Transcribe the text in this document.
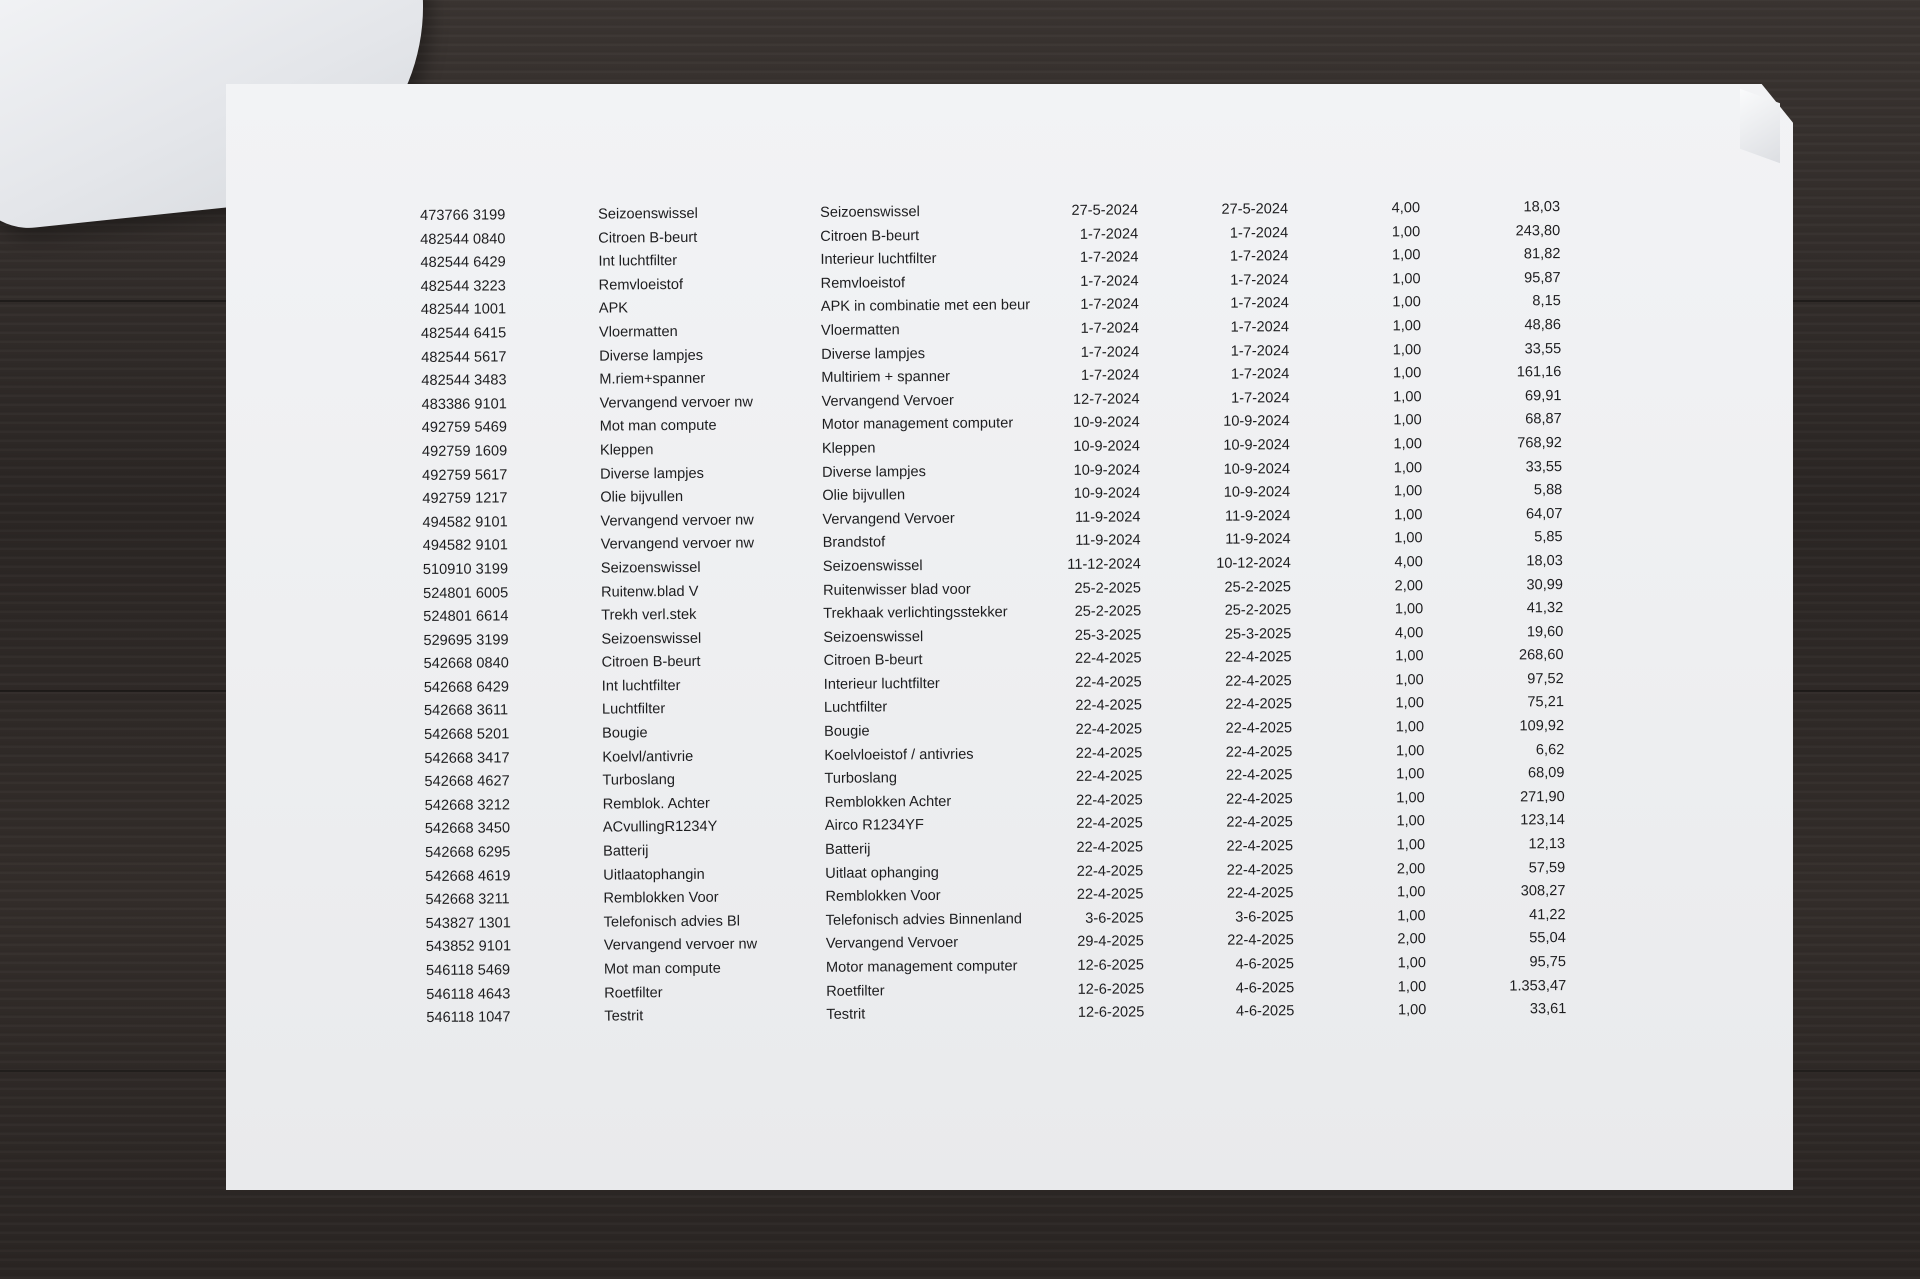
473766 3199	Seizoenswissel	Seizoenswissel	27-5-2024	27-5-2024	4,00	18,03
482544 0840	Citroen B-beurt	Citroen B-beurt	1-7-2024	1-7-2024	1,00	243,80
482544 6429	Int luchtfilter	Interieur luchtfilter	1-7-2024	1-7-2024	1,00	81,82
482544 3223	Remvloeistof	Remvloeistof	1-7-2024	1-7-2024	1,00	95,87
482544 1001	APK	APK in combinatie met een beur	1-7-2024	1-7-2024	1,00	8,15
482544 6415	Vloermatten	Vloermatten	1-7-2024	1-7-2024	1,00	48,86
482544 5617	Diverse lampjes	Diverse lampjes	1-7-2024	1-7-2024	1,00	33,55
482544 3483	M.riem+spanner	Multiriem + spanner	1-7-2024	1-7-2024	1,00	161,16
483386 9101	Vervangend vervoer nw	Vervangend Vervoer	12-7-2024	1-7-2024	1,00	69,91
492759 5469	Mot man compute	Motor management computer	10-9-2024	10-9-2024	1,00	68,87
492759 1609	Kleppen	Kleppen	10-9-2024	10-9-2024	1,00	768,92
492759 5617	Diverse lampjes	Diverse lampjes	10-9-2024	10-9-2024	1,00	33,55
492759 1217	Olie bijvullen	Olie bijvullen	10-9-2024	10-9-2024	1,00	5,88
494582 9101	Vervangend vervoer nw	Vervangend Vervoer	11-9-2024	11-9-2024	1,00	64,07
494582 9101	Vervangend vervoer nw	Brandstof	11-9-2024	11-9-2024	1,00	5,85
510910 3199	Seizoenswissel	Seizoenswissel	11-12-2024	10-12-2024	4,00	18,03
524801 6005	Ruitenw.blad V	Ruitenwisser blad voor	25-2-2025	25-2-2025	2,00	30,99
524801 6614	Trekh verl.stek	Trekhaak verlichtingsstekker	25-2-2025	25-2-2025	1,00	41,32
529695 3199	Seizoenswissel	Seizoenswissel	25-3-2025	25-3-2025	4,00	19,60
542668 0840	Citroen B-beurt	Citroen B-beurt	22-4-2025	22-4-2025	1,00	268,60
542668 6429	Int luchtfilter	Interieur luchtfilter	22-4-2025	22-4-2025	1,00	97,52
542668 3611	Luchtfilter	Luchtfilter	22-4-2025	22-4-2025	1,00	75,21
542668 5201	Bougie	Bougie	22-4-2025	22-4-2025	1,00	109,92
542668 3417	Koelvl/antivrie	Koelvloeistof / antivries	22-4-2025	22-4-2025	1,00	6,62
542668 4627	Turboslang	Turboslang	22-4-2025	22-4-2025	1,00	68,09
542668 3212	Remblok. Achter	Remblokken Achter	22-4-2025	22-4-2025	1,00	271,90
542668 3450	ACvullingR1234Y	Airco R1234YF	22-4-2025	22-4-2025	1,00	123,14
542668 6295	Batterij	Batterij	22-4-2025	22-4-2025	1,00	12,13
542668 4619	Uitlaatophangin	Uitlaat ophanging	22-4-2025	22-4-2025	2,00	57,59
542668 3211	Remblokken Voor	Remblokken Voor	22-4-2025	22-4-2025	1,00	308,27
543827 1301	Telefonisch advies Bl	Telefonisch advies Binnenland	3-6-2025	3-6-2025	1,00	41,22
543852 9101	Vervangend vervoer nw	Vervangend Vervoer	29-4-2025	22-4-2025	2,00	55,04
546118 5469	Mot man compute	Motor management computer	12-6-2025	4-6-2025	1,00	95,75
546118 4643	Roetfilter	Roetfilter	12-6-2025	4-6-2025	1,00	1.353,47
546118 1047	Testrit	Testrit	12-6-2025	4-6-2025	1,00	33,61
